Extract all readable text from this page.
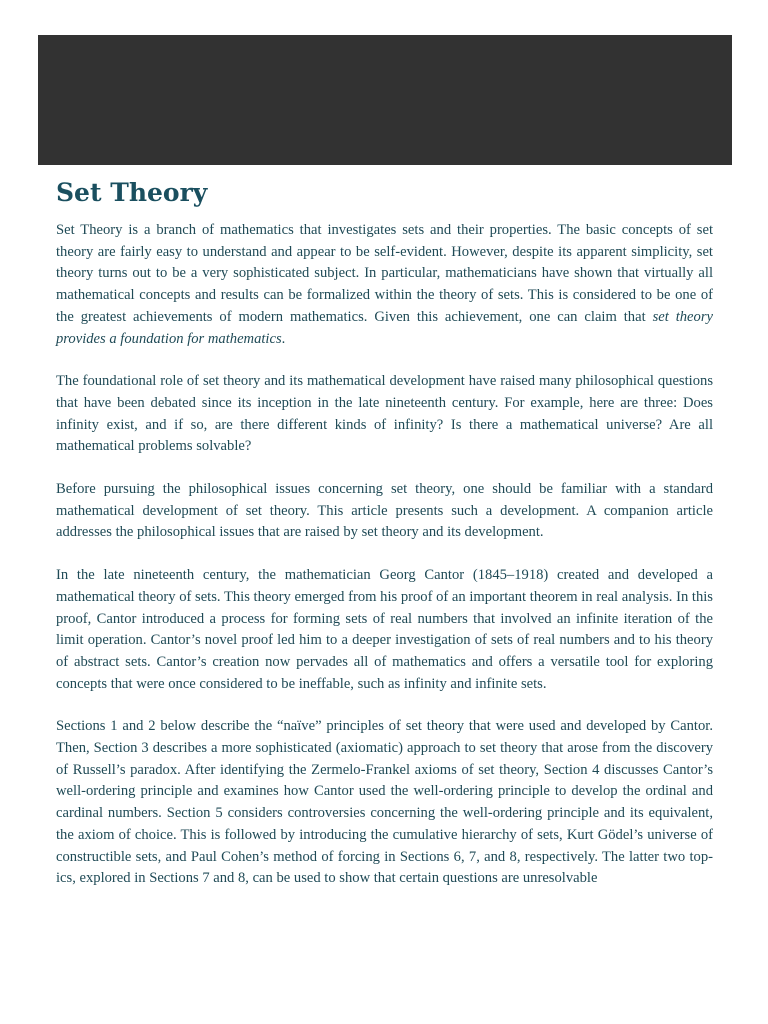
Set Theory

Set Theory is a branch of mathematics that investigates sets and their properties. The basic concepts of set theory are fairly easy to understand and appear to be self-evident. However, despite its apparent simplicity, set theory turns out to be a very sophisticated subject. In particular, mathematicians have shown that virtually all mathematical concepts and results can be formalized within the theory of sets. This is considered to be one of the greatest achievements of modern mathematics. Given this achievement, one can claim that set theory provides a foundation for mathematics.

The foundational role of set theory and its mathematical development have raised many philosophical questions that have been debated since its inception in the late nineteenth century. For example, here are three: Does infinity exist, and if so, are there different kinds of infinity? Is there a mathematical universe? Are all mathematical problems solvable?

Before pursuing the philosophical issues concerning set theory, one should be familiar with a standard mathematical development of set theory. This article presents such a development. A companion article addresses the philosophical issues that are raised by set theory and its development.

In the late nineteenth century, the mathematician Georg Cantor (1845–1918) created and developed a mathematical theory of sets. This theory emerged from his proof of an important theorem in real analysis. In this proof, Cantor introduced a process for forming sets of real numbers that involved an infinite iteration of the limit operation. Cantor’s novel proof led him to a deeper investigation of sets of real numbers and to his theory of abstract sets. Cantor’s creation now pervades all of mathematics and offers a versatile tool for exploring concepts that were once considered to be ineffable, such as infinity and infinite sets.

Sections 1 and 2 below describe the “naïve” principles of set theory that were used and developed by Cantor. Then, Section 3 describes a more sophisticated (axiomatic) approach to set theory that arose from the discovery of Russell’s paradox. After identifying the Zermelo-Frankel axioms of set theory, Section 4 discusses Cantor’s well-ordering principle and examines how Cantor used the well-ordering principle to develop the ordinal and cardinal numbers. Section 5 considers controversies concerning the well-ordering principle and its equivalent, the axiom of choice. This is followed by introducing the cumulative hierarchy of sets, Kurt Gödel’s universe of constructible sets, and Paul Cohen’s method of forcing in Sections 6, 7, and 8, respectively. The latter two topics, explored in Sections 7 and 8, can be used to show that certain questions are unresolvable
